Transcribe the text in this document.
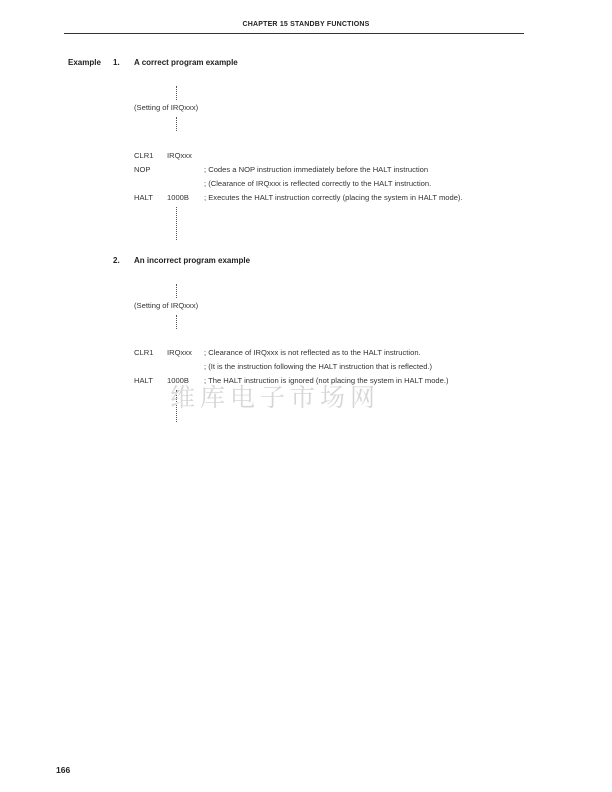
CHAPTER 15 STANDBY FUNCTIONS
Example 1. A correct program example
(Setting of IRQxxx)
CLR1 IRQxxx
NOP	; Codes a NOP instruction immediately before the HALT instruction
; (Clearance of IRQxxx is reflected correctly to the HALT instruction.
HALT 1000B ; Executes the HALT instruction correctly (placing the system in HALT mode).
2. An incorrect program example
(Setting of IRQxxx)
CLR1 IRQxxx ; Clearance of IRQxxx is not reflected as to the HALT instruction.
; (It is the instruction following the HALT instruction that is reflected.)
HALT 1000B ; The HALT instruction is ignored (not placing the system in HALT mode.)
维库电子市场网
166
